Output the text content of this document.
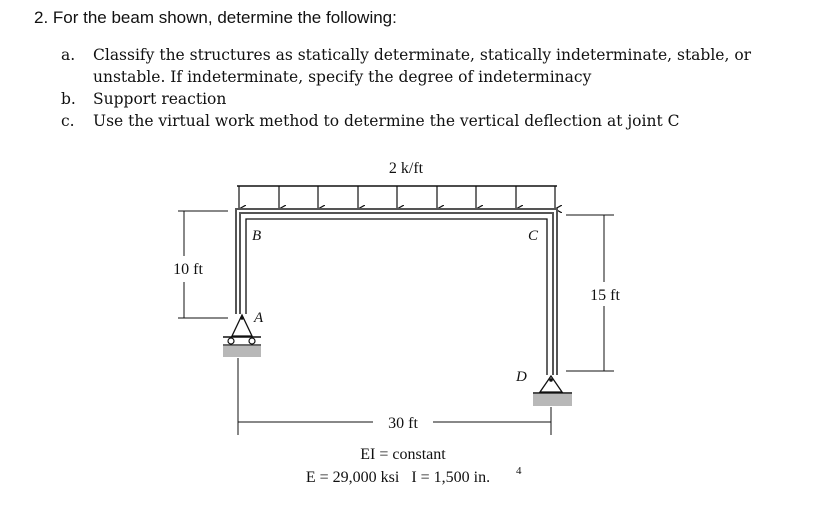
2. For the beam shown, determine the following:
a.	Classify the structures as statically determinate, statically indeterminate, stable, or unstable. If indeterminate, specify the degree of indeterminacy
b.	Support reaction
c.	Use the virtual work method to determine the vertical deflection at joint C
2 k/ft
B	C
A
D
10 ft
15 ft
30 ft
EI = constant
E = 29,000 ksi   I = 1,500 in. 4
